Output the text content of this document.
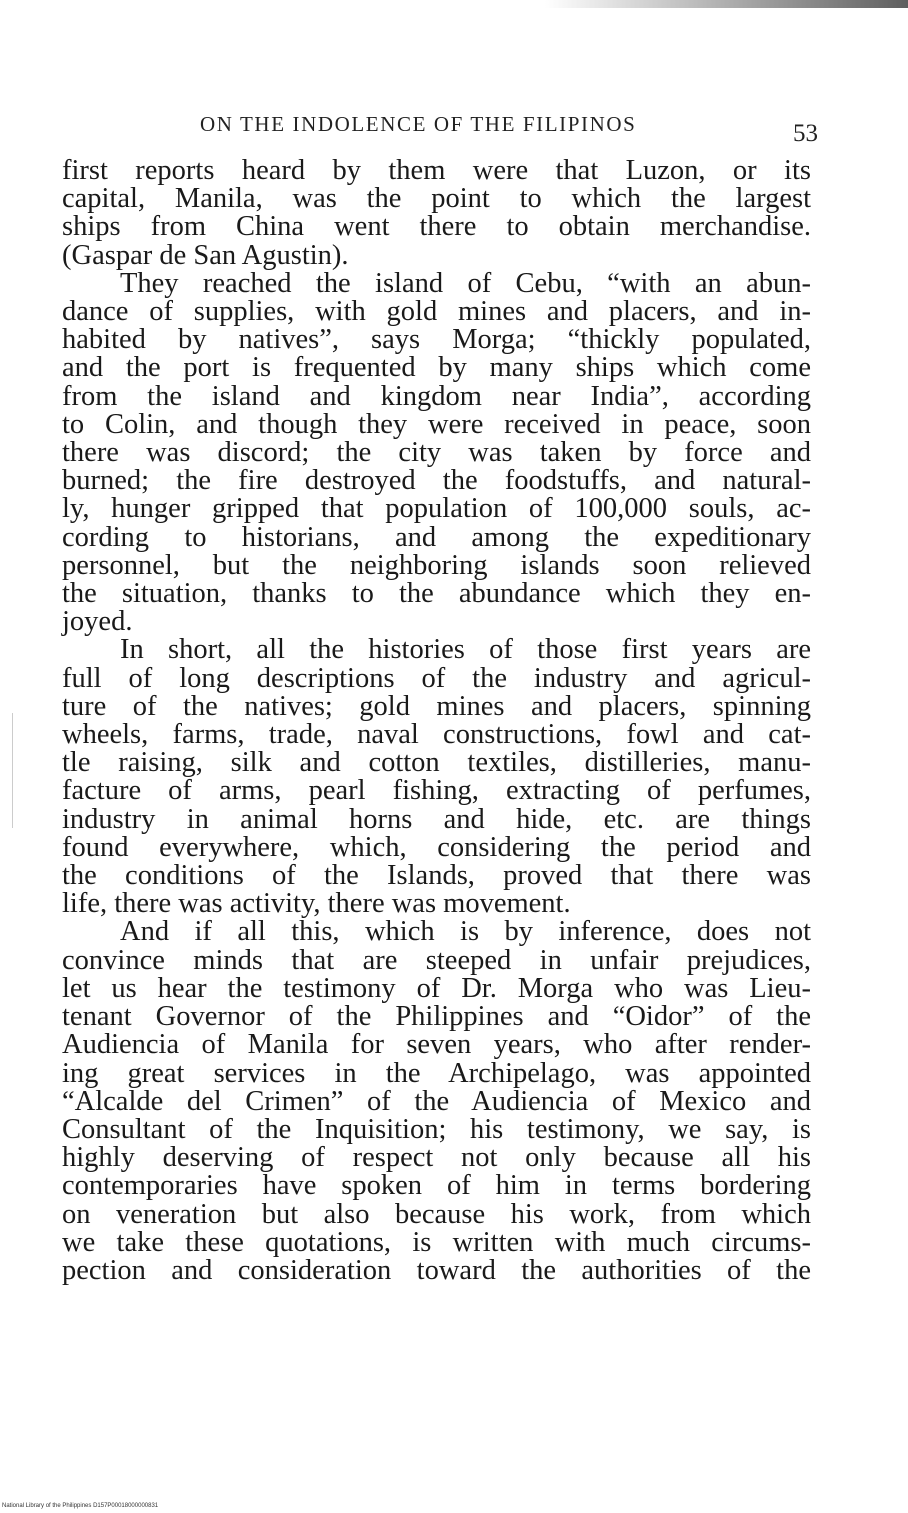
ON THE INDOLENCE OF THE FILIPINOS	53

first reports heard by them were that Luzon, or its
capital, Manila, was the point to which the largest
ships from China went there to obtain merchandise.
(Gaspar de San Agustin).

They reached the island of Cebu, “with an abun-
dance of supplies, with gold mines and placers, and in-
habited by natives”, says Morga; “thickly populated,
and the port is frequented by many ships which come
from the island and kingdom near India”, according
to Colin, and though they were received in peace, soon
there was discord; the city was taken by force and
burned; the fire destroyed the foodstuffs, and natural-
ly, hunger gripped that population of 100,000 souls, ac-
cording to historians, and among the expeditionary
personnel, but the neighboring islands soon relieved
the situation, thanks to the abundance which they en-
joyed.

In short, all the histories of those first years are
full of long descriptions of the industry and agricul-
ture of the natives; gold mines and placers, spinning
wheels, farms, trade, naval constructions, fowl and cat-
tle raising, silk and cotton textiles, distilleries, manu-
facture of arms, pearl fishing, extracting of perfumes,
industry in animal horns and hide, etc. are things
found everywhere, which, considering the period and
the conditions of the Islands, proved that there was
life, there was activity, there was movement.

And if all this, which is by inference, does not
convince minds that are steeped in unfair prejudices,
let us hear the testimony of Dr. Morga who was Lieu-
tenant Governor of the Philippines and “Oidor” of the
Audiencia of Manila for seven years, who after render-
ing great services in the Archipelago, was appointed
“Alcalde del Crimen” of the Audiencia of Mexico and
Consultant of the Inquisition; his testimony, we say, is
highly deserving of respect not only because all his
contemporaries have spoken of him in terms bordering
on veneration but also because his work, from which
we take these quotations, is written with much circums-
pection and consideration toward the authorities of the

National Library of the Philippines D157P00018000000831
